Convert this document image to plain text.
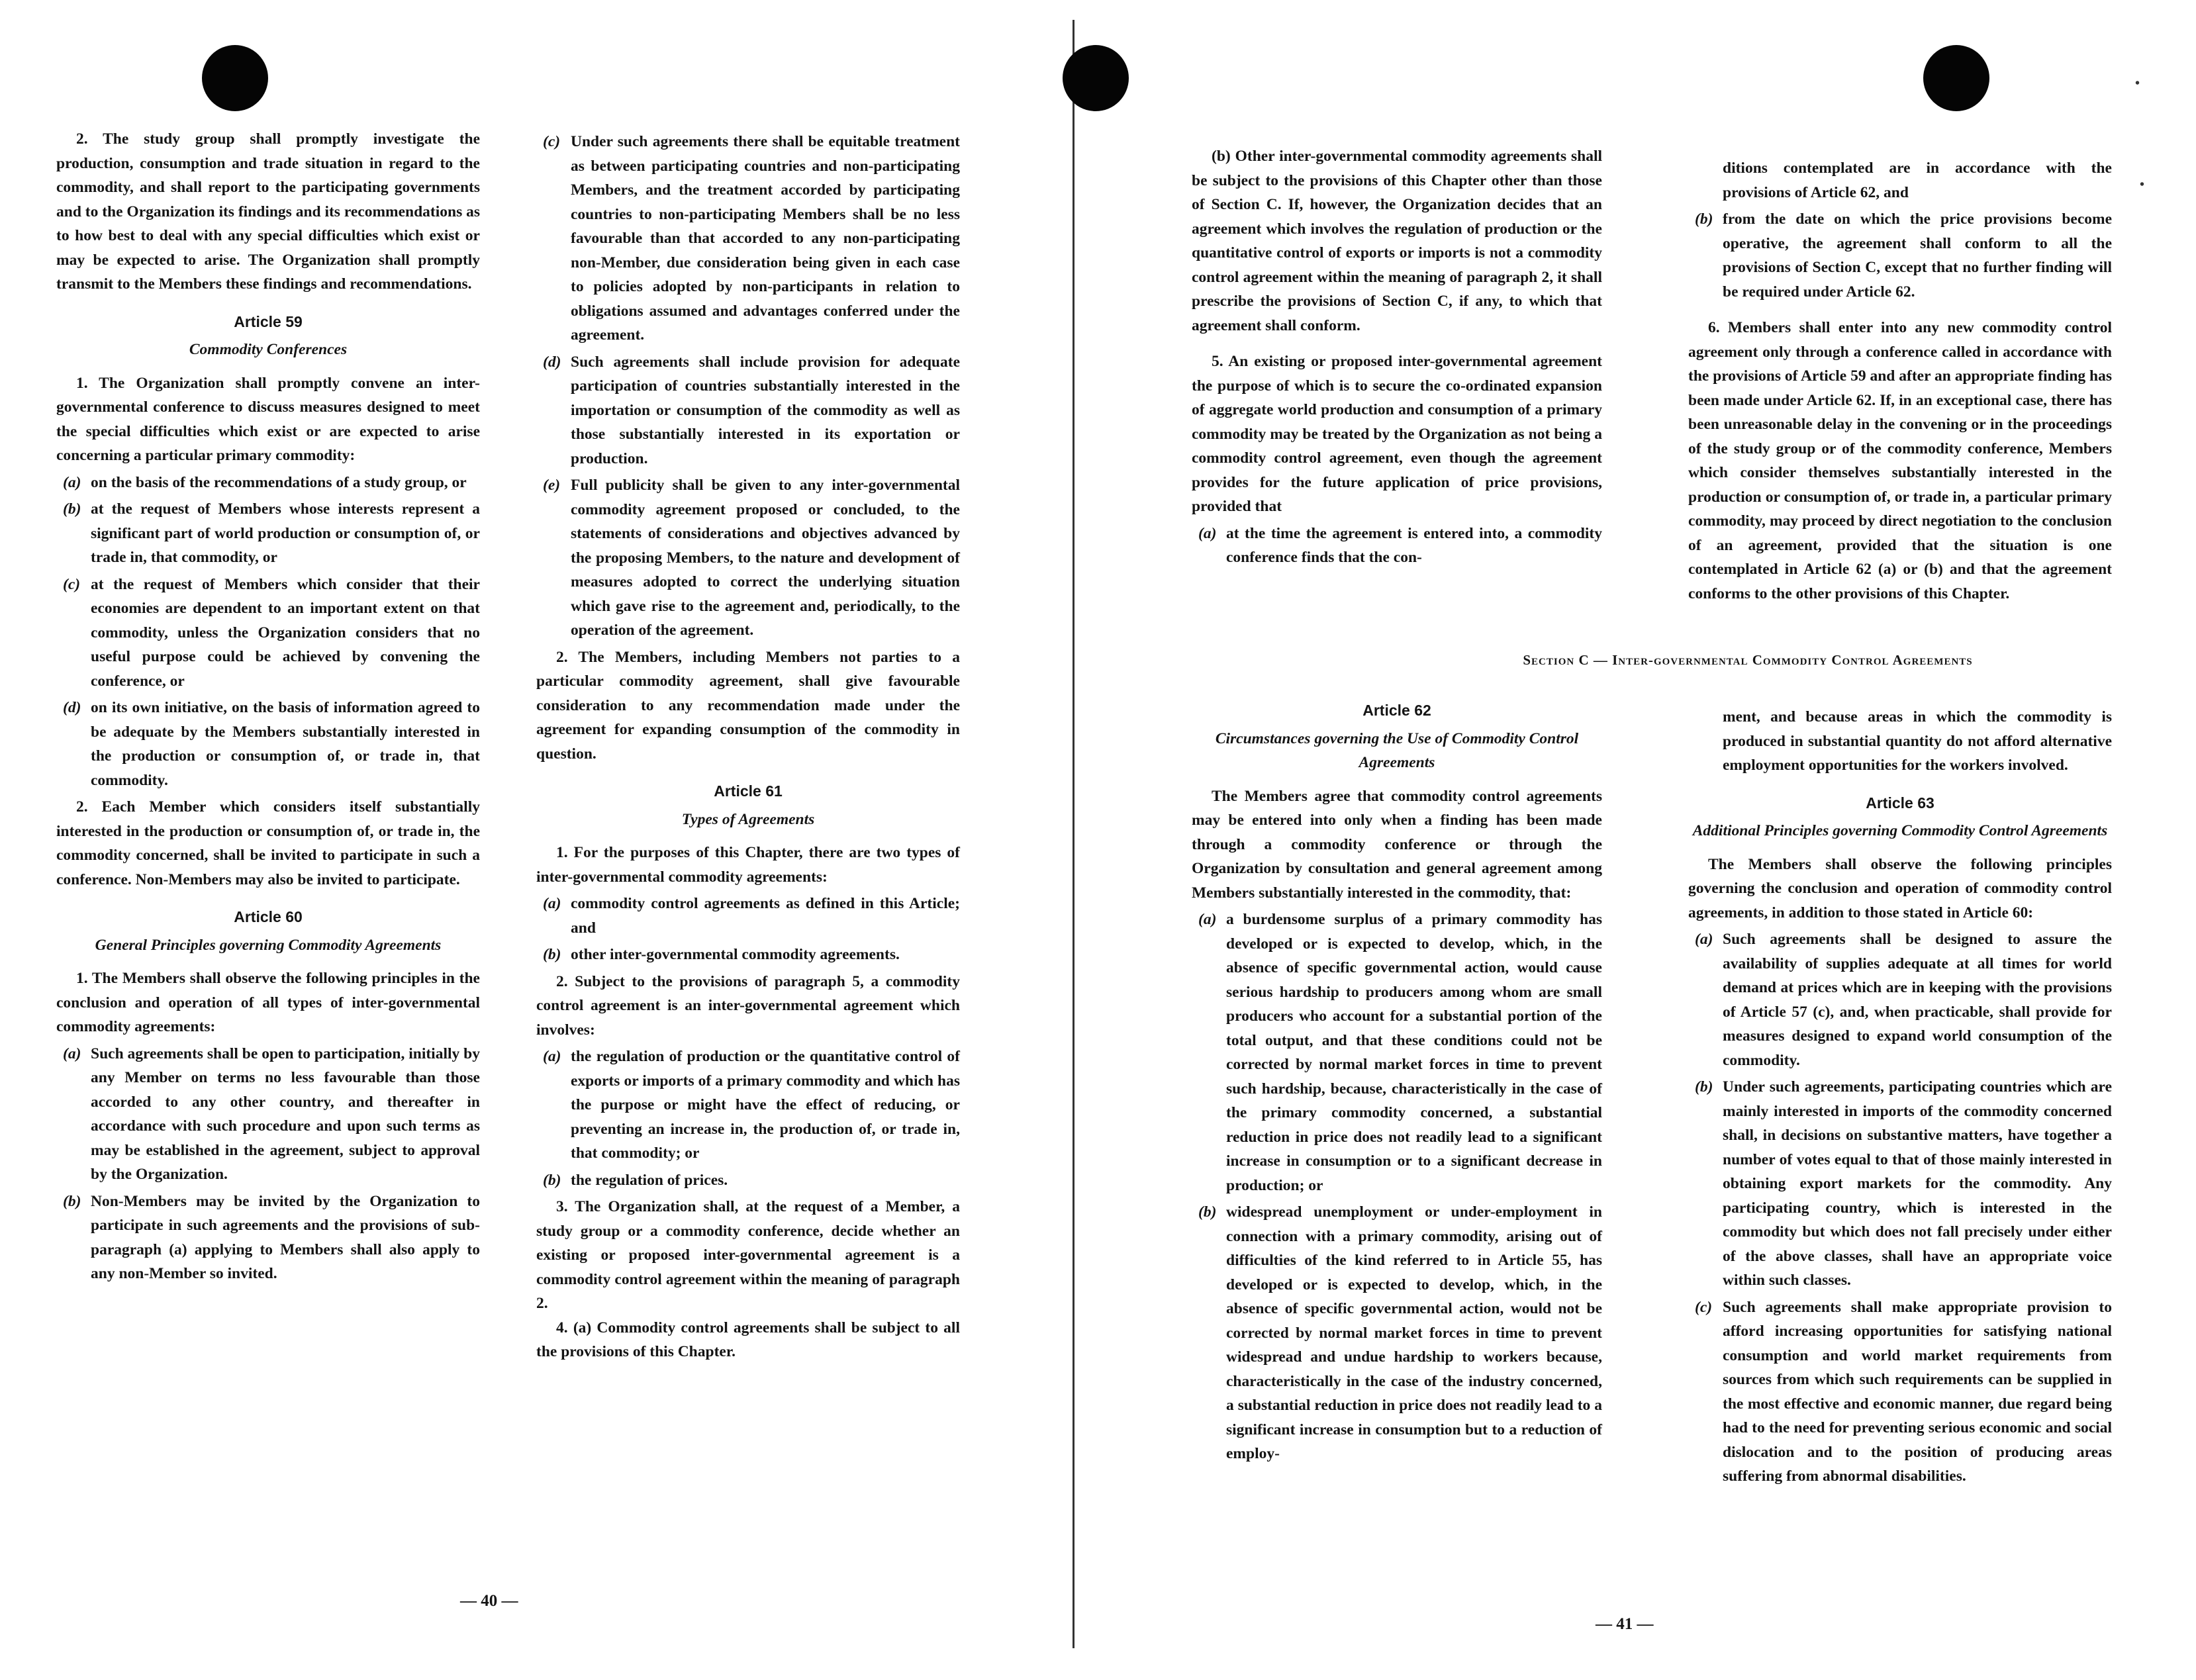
•
•

2. The study group shall promptly investigate the production, consumption and trade situation in regard to the commodity, and shall report to the participating governments and to the Organization its findings and its recommendations as to how best to deal with any special difficulties which exist or may be expected to arise. The Organization shall promptly transmit to the Members these findings and recommendations.

Article 59

Commodity Conferences

1. The Organization shall promptly convene an inter-governmental conference to discuss measures designed to meet the special difficulties which exist or are expected to arise concerning a particular primary commodity:

(a) on the basis of the recommendations of a study group, or
(b) at the request of Members whose interests represent a significant part of world production or consumption of, or trade in, that commodity, or
(c) at the request of Members which consider that their economies are dependent to an important extent on that commodity, unless the Organization considers that no useful purpose could be achieved by convening the conference, or
(d) on its own initiative, on the basis of information agreed to be adequate by the Members substantially interested in the production or consumption of, or trade in, that commodity.

2. Each Member which considers itself substantially interested in the production or consumption of, or trade in, the commodity concerned, shall be invited to participate in such a conference. Non-Members may also be invited to participate.

Article 60

General Principles governing Commodity Agreements

1. The Members shall observe the following principles in the conclusion and operation of all types of inter-governmental commodity agreements:

(a) Such agreements shall be open to participation, initially by any Member on terms no less favourable than those accorded to any other country, and thereafter in accordance with such procedure and upon such terms as may be established in the agreement, subject to approval by the Organization.
(b) Non-Members may be invited by the Organization to participate in such agreements and the provisions of sub-paragraph (a) applying to Members shall also apply to any non-Member so invited.
(c) Under such agreements there shall be equitable treatment as between participating countries and non-participating Members, and the treatment accorded by participating countries to non-participating Members shall be no less favourable than that accorded to any non-participating non-Member, due consideration being given in each case to policies adopted by non-participants in relation to obligations assumed and advantages conferred under the agreement.
(d) Such agreements shall include provision for adequate participation of countries substantially interested in the importation or consumption of the commodity as well as those substantially interested in its exportation or production.
(e) Full publicity shall be given to any inter-governmental commodity agreement proposed or concluded, to the statements of considerations and objectives advanced by the proposing Members, to the nature and development of measures adopted to correct the underlying situation which gave rise to the agreement and, periodically, to the operation of the agreement.

2. The Members, including Members not parties to a particular commodity agreement, shall give favourable consideration to any recommendation made under the agreement for expanding consumption of the commodity in question.

Article 61

Types of Agreements

1. For the purposes of this Chapter, there are two types of inter-governmental commodity agreements:

(a) commodity control agreements as defined in this Article; and
(b) other inter-governmental commodity agreements.

2. Subject to the provisions of paragraph 5, a commodity control agreement is an inter-governmental agreement which involves:

(a) the regulation of production or the quantitative control of exports or imports of a primary commodity and which has the purpose or might have the effect of reducing, or preventing an increase in, the production of, or trade in, that commodity; or
(b) the regulation of prices.

3. The Organization shall, at the request of a Member, a study group or a commodity conference, decide whether an existing or proposed inter-governmental agreement is a commodity control agreement within the meaning of paragraph 2.

4. (a) Commodity control agreements shall be subject to all the provisions of this Chapter.

— 40 —

(b) Other inter-governmental commodity agreements shall be subject to the provisions of this Chapter other than those of Section C. If, however, the Organization decides that an agreement which involves the regulation of production or the quantitative control of exports or imports is not a commodity control agreement within the meaning of paragraph 2, it shall prescribe the provisions of Section C, if any, to which that agreement shall conform.

5. An existing or proposed inter-governmental agreement the purpose of which is to secure the co-ordinated expansion of aggregate world production and consumption of a primary commodity may be treated by the Organization as not being a commodity control agreement, even though the agreement provides for the future application of price provisions, provided that

(a) at the time the agreement is entered into, a commodity conference finds that the con-
ditions contemplated are in accordance with the provisions of Article 62, and
(b) from the date on which the price provisions become operative, the agreement shall conform to all the provisions of Section C, except that no further finding will be required under Article 62.

6. Members shall enter into any new commodity control agreement only through a conference called in accordance with the provisions of Article 59 and after an appropriate finding has been made under Article 62. If, in an exceptional case, there has been unreasonable delay in the convening or in the proceedings of the study group or of the commodity conference, Members which consider themselves substantially interested in the production or consumption of, or trade in, a particular primary commodity, may proceed by direct negotiation to the conclusion of an agreement, provided that the situation is one contemplated in Article 62 (a) or (b) and that the agreement conforms to the other provisions of this Chapter.

Section C — Inter-governmental Commodity Control Agreements

Article 62

Circumstances governing the Use of Commodity Control Agreements

The Members agree that commodity control agreements may be entered into only when a finding has been made through a commodity conference or through the Organization by consultation and general agreement among Members substantially interested in the commodity, that:

(a) a burdensome surplus of a primary commodity has developed or is expected to develop, which, in the absence of specific governmental action, would cause serious hardship to producers among whom are small producers who account for a substantial portion of the total output, and that these conditions could not be corrected by normal market forces in time to prevent such hardship, because, characteristically in the case of the primary commodity concerned, a substantial reduction in price does not readily lead to a significant increase in consumption or to a significant decrease in production; or
(b) widespread unemployment or under-employment in connection with a primary commodity, arising out of difficulties of the kind referred to in Article 55, has developed or is expected to develop, which, in the absence of specific governmental action, would not be corrected by normal market forces in time to prevent widespread and undue hardship to workers because, characteristically in the case of the industry concerned, a substantial reduction in price does not readily lead to a significant increase in consumption but to a reduction of employ-

ment, and because areas in which the commodity is produced in substantial quantity do not afford alternative employment opportunities for the workers involved.

Article 63

Additional Principles governing Commodity Control Agreements

The Members shall observe the following principles governing the conclusion and operation of commodity control agreements, in addition to those stated in Article 60:

(a) Such agreements shall be designed to assure the availability of supplies adequate at all times for world demand at prices which are in keeping with the provisions of Article 57 (c), and, when practicable, shall provide for measures designed to expand world consumption of the commodity.
(b) Under such agreements, participating countries which are mainly interested in imports of the commodity concerned shall, in decisions on substantive matters, have together a number of votes equal to that of those mainly interested in obtaining export markets for the commodity. Any participating country, which is interested in the commodity but which does not fall precisely under either of the above classes, shall have an appropriate voice within such classes.
(c) Such agreements shall make appropriate provision to afford increasing opportunities for satisfying national consumption and world market requirements from sources from which such requirements can be supplied in the most effective and economic manner, due regard being had to the need for preventing serious economic and social dislocation and to the position of producing areas suffering from abnormal disabilities.
— 41 —
